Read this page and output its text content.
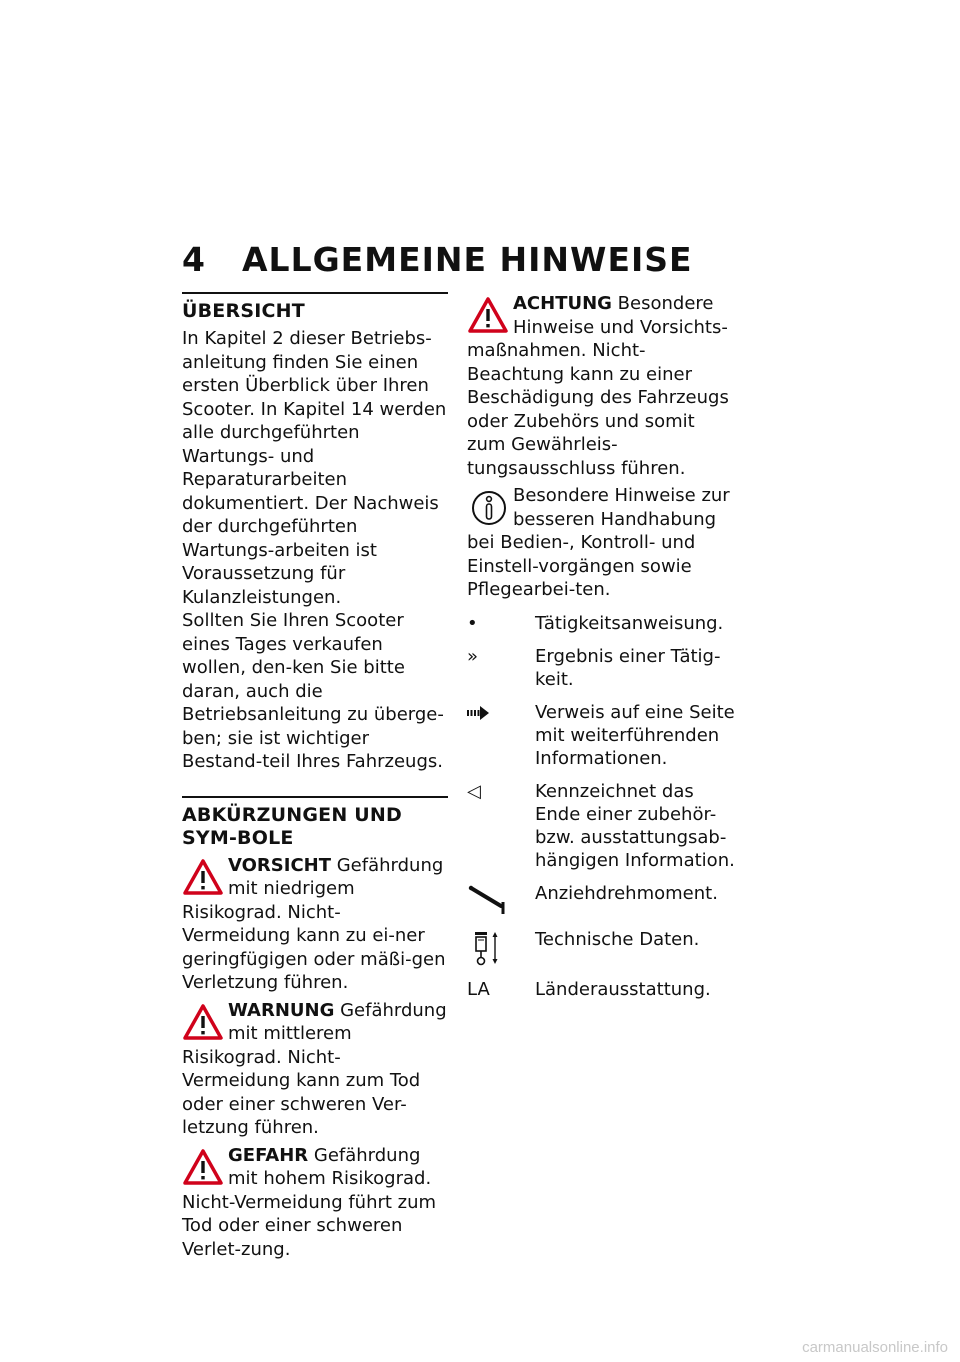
4 ALLGEMEINE HINWEISE
ÜBERSICHT

In Kapitel 2 dieser Betriebs-anleitung finden Sie einen ersten Überblick über Ihren Scooter. In Kapitel 14 werden alle durchgeführten Wartungs- und Reparaturarbeiten dokumentiert. Der Nachweis der durchgeführten Wartungs-arbeiten ist Voraussetzung für Kulanzleistungen.

Sollten Sie Ihren Scooter eines Tages verkaufen wollen, den-ken Sie bitte daran, auch die Betriebsanleitung zu überge-ben; sie ist wichtiger Bestand-teil Ihres Fahrzeugs.

ABKÜRZUNGEN UND SYM-BOLE
VORSICHT Gefährdung mit niedrigem Risikograd. Nicht-Vermeidung kann zu ei-ner geringfügigen oder mäßi-gen Verletzung führen.
WARNUNG Gefährdung mit mittlerem Risikograd. Nicht-Vermeidung kann zum Tod oder einer schweren Ver-letzung führen.
GEFAHR Gefährdung mit hohem Risikograd. Nicht-Vermeidung führt zum Tod oder einer schweren Verlet-zung.
ACHTUNG Besondere Hinweise und Vorsichts-maßnahmen. Nicht-Beachtung kann zu einer Beschädigung des Fahrzeugs oder Zubehörs und somit zum Gewährleis-tungsausschluss führen.
Besondere Hinweise zur besseren Handhabung bei Bedien-, Kontroll- und Einstell-vorgängen sowie Pflegearbei-ten.
•	Tätigkeitsanweisung.
»	Ergebnis einer Tätig-keit.
Verweis auf eine Seite mit weiterführenden Informationen.
◁	Kennzeichnet das Ende einer zubehör- bzw. ausstattungsab-hängigen Information.
Anziehdrehmoment.
Technische Daten.
LA	Länderausstattung.
carmanualsonline.info
